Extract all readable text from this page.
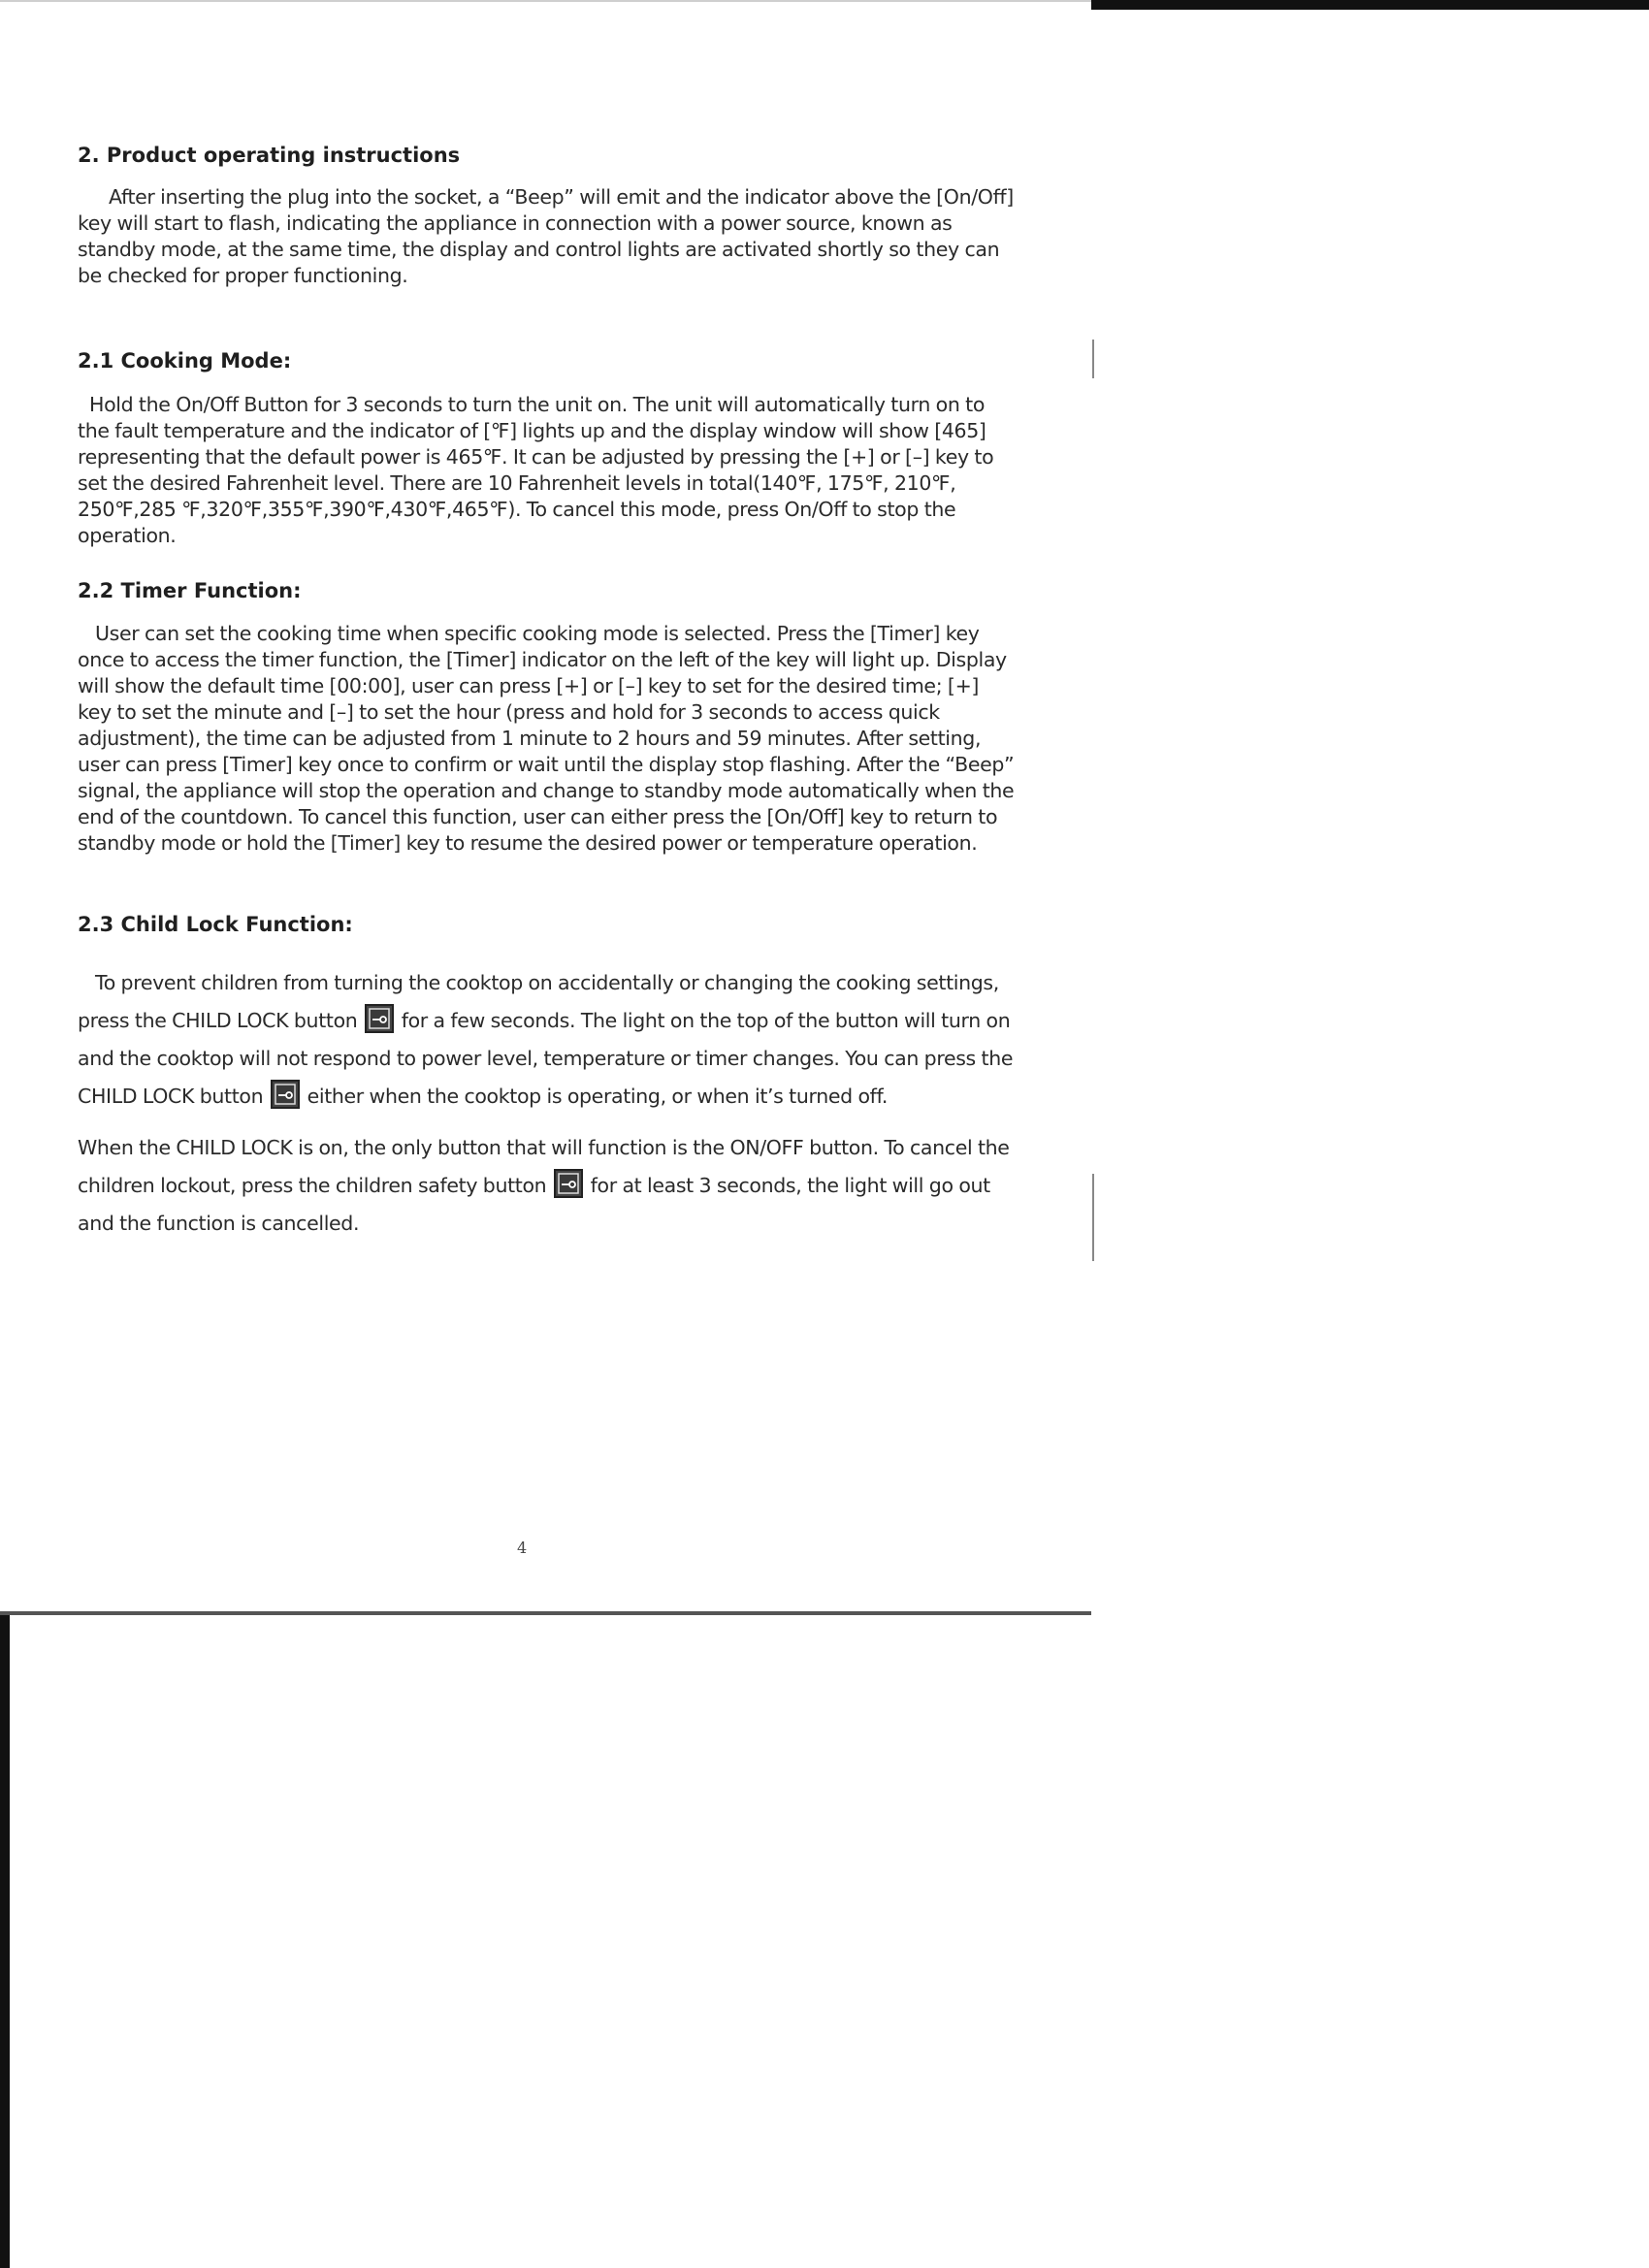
2. Product operating instructions

After inserting the plug into the socket, a “Beep” will emit and the indicator above the [On/Off] key will start to flash, indicating the appliance in connection with a power source, known as standby mode, at the same time, the display and control lights are activated shortly so they can be checked for proper functioning.

2.1 Cooking Mode:

Hold the On/Off Button for 3 seconds to turn the unit on. The unit will automatically turn on to the fault temperature and the indicator of [℉] lights up and the display window will show [465] representing that the default power is 465℉. It can be adjusted by pressing the [+] or [–] key to set the desired Fahrenheit level. There are 10 Fahrenheit levels in total(140℉, 175℉, 210℉, 250℉,285 ℉,320℉,355℉,390℉,430℉,465℉). To cancel this mode, press On/Off to stop the operation.

2.2 Timer Function:

User can set the cooking time when specific cooking mode is selected. Press the [Timer] key once to access the timer function, the [Timer] indicator on the left of the key will light up. Display will show the default time [00:00], user can press [+] or [–] key to set for the desired time; [+] key to set the minute and [–] to set the hour (press and hold for 3 seconds to access quick adjustment), the time can be adjusted from 1 minute to 2 hours and 59 minutes. After setting, user can press [Timer] key once to confirm or wait until the display stop flashing. After the “Beep” signal, the appliance will stop the operation and change to standby mode automatically when the end of the countdown. To cancel this function, user can either press the [On/Off] key to return to standby mode or hold the [Timer] key to resume the desired power or temperature operation.

2.3 Child Lock Function:

To prevent children from turning the cooktop on accidentally or changing the cooking settings, press the CHILD LOCK button for a few seconds. The light on the top of the button will turn on and the cooktop will not respond to power level, temperature or timer changes. You can press the CHILD LOCK button either when the cooktop is operating, or when it’s turned off.

When the CHILD LOCK is on, the only button that will function is the ON/OFF button. To cancel the children lockout, press the children safety button for at least 3 seconds, the light will go out and the function is cancelled.

4
